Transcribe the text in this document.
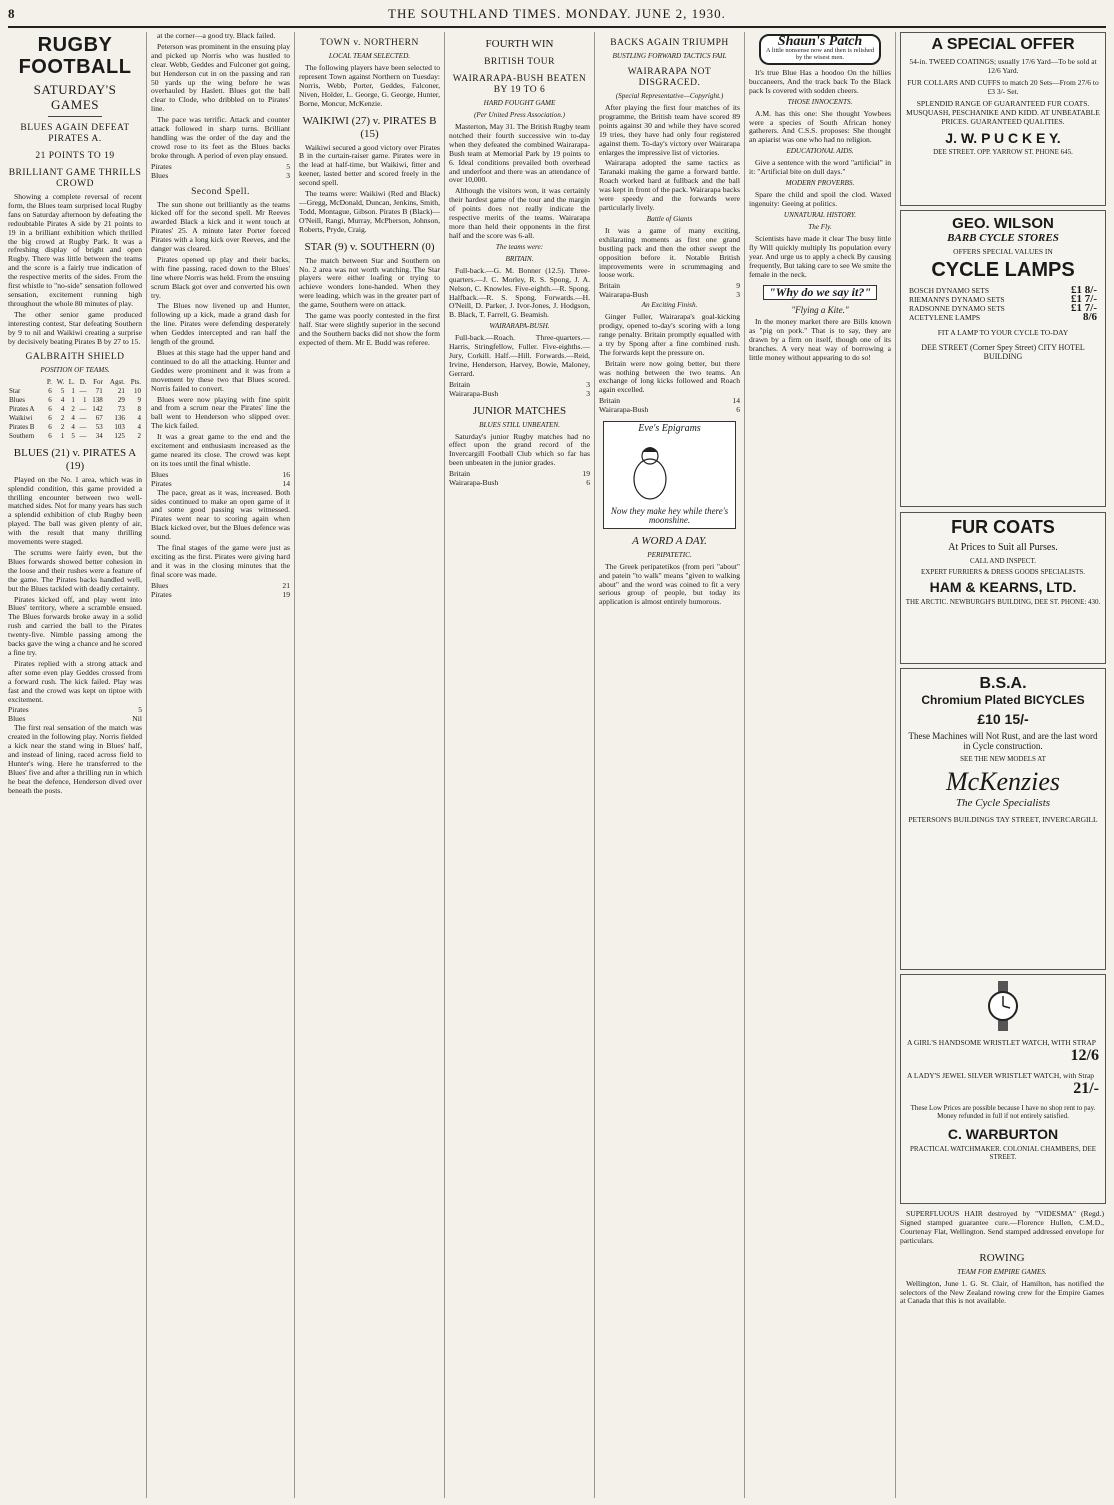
8	THE SOUTHLAND TIMES. MONDAY. JUNE 2, 1930.
RUGBY FOOTBALL
SATURDAY'S GAMES
BLUES AGAIN DEFEAT PIRATES A.
21 POINTS TO 19
BRILLIANT GAME THRILLS CROWD

Showing a complete reversal of recent form, the Blues team surprised local Rugby fans on Saturday afternoon by defeating the redoubtable Pirates A side by 21 points to 19 in a brilliant exhibition which thrilled the big crowd at Rugby Park. It was a refreshing display of bright and open Rugby. There was little between the teams and the score is a fairly true indication of the respective merits of the sides. From the first whistle to "no-side" sensation followed sensation, excitement running high throughout the whole 80 minutes of play.

The other senior game produced interesting contest, Star defeating Southern by 9 to nil and Waikiwi creating a surprise by decisively beating Pirates B by 27 to 15.

GALBRAITH SHIELD
POSITION OF TEAMS.
	P.	W.	L.	D.	For	Agst.	Pts.
Star	6	5	1	—	71	21	10
Blues	6	4	1	1	138	29	9
Pirates A	6	4	2	—	142	73	8
Waikiwi	6	2	4	—	67	136	4
Pirates B	6	2	4	—	53	103	4
Southern	6	1	5	—	34	125	2
BLUES (21) v. PIRATES A (19)

Played on the No. 1 area, which was in splendid condition, this game provided a thrilling encounter between two well-matched sides. Not for many years has such a splendid exhibition of club Rugby been played. The ball was given plenty of air, with the result that many thrilling movements were staged.

The scrums were fairly even, but the Blues forwards showed better cohesion in the loose and their rushes were a feature of the game. The Pirates backs handled well, but the Blues tackled with deadly certainty.

Pirates kicked off, and play went into Blues' territory, where a scramble ensued. The Blues forwards broke away in a solid rush and carried the ball to the Pirates twenty-five. Nimble passing among the backs gave the wing a chance and he scored a fine try.

Pirates replied with a strong attack and after some even play Geddes crossed from a forward rush. The kick failed. Play was fast and the crowd was kept on tiptoe with excitement.

Pirates	5
Blues	Nil

The first real sensation of the match was created in the following play. Norris fielded a kick near the stand wing in Blues' half, and instead of lining, raced across field to Hunter's wing. Here he transferred to the Blues' five and after a thrilling run in which he beat the defence, Henderson dived over beneath the posts.

at the corner—a good try. Black failed.

Peterson was prominent in the ensuing play and picked up Norris who was hustled to clear. Webb, Geddes and Fulconer got going, but Henderson cut in on the passing and ran 50 yards up the wing before he was overhauled by Haslett. Blues got the ball clear to Clode, who dribbled on to Pirates' line.

The pace was terrific. Attack and counter attack followed in sharp turns. Brilliant handling was the order of the day and the crowd rose to its feet as the Blues backs broke through. A period of even play ensued.

Pirates	5
Blues	3
Second Spell.

The sun shone out brilliantly as the teams kicked off for the second spell. Mr Reeves awarded Black a kick and it went touch at Pirates' 25. A minute later Porter forced Pirates with a long kick over Reeves, and the danger was cleared.

Pirates opened up play and their backs, with fine passing, raced down to the Blues' line where Norris was held. From the ensuing scrum Black got over and converted his own try.

The Blues now livened up and Hunter, following up a kick, made a grand dash for the line. Pirates were defending desperately when Geddes intercepted and ran half the length of the ground.

Blues at this stage had the upper hand and continued to do all the attacking. Hunter and Geddes were prominent and it was from a movement by these two that Blues scored. Norris failed to convert.

Blues were now playing with fine spirit and from a scrum near the Pirates' line the ball went to Henderson who slipped over. The kick failed.

It was a great game to the end and the excitement and enthusiasm increased as the game neared its close. The crowd was kept on its toes until the final whistle.

Blues	16
Pirates	14

The pace, great as it was, increased. Both sides continued to make an open game of it and some good passing was witnessed. Pirates went near to scoring again when Black kicked over, but the Blues defence was sound.

The final stages of the game were just as exciting as the first. Pirates were giving hard and it was in the closing minutes that the final score was made.

Blues	21
Pirates	19
TOWN v. NORTHERN
LOCAL TEAM SELECTED.

The following players have been selected to represent Town against Northern on Tuesday: Norris, Webb, Porter, Geddes, Falconer, Niven, Holder, L. George, G. George, Hunter, Borne, Moncur, McKenzie.

WAIKIWI (27) v. PIRATES B (15)

Waikiwi secured a good victory over Pirates B in the curtain-raiser game. Pirates were in the lead at half-time, but Waikiwi, fitter and keener, lasted better and scored freely in the second spell.

The teams were: Waikiwi (Red and Black)—Gregg, McDonald, Duncan, Jenkins, Smith, Todd, Montague, Gibson. Pirates B (Black)—O'Neill, Rangi, Murray, McPherson, Johnson, Roberts, Pryde, Craig.

STAR (9) v. SOUTHERN (0)

The match between Star and Southern on No. 2 area was not worth watching. The Star players were either loafing or trying to achieve wonders lone-handed. When they were leading, which was in the greater part of the game, Southern were on attack.

The game was poorly contested in the first half. Star were slightly superior in the second and the Southern backs did not show the form expected of them. Mr E. Budd was referee.

FOURTH WIN
BRITISH TOUR
WAIRARAPA-BUSH BEATEN BY 19 TO 6
HARD FOUGHT GAME
(Per United Press Association.)

Masterton, May 31. The British Rugby team notched their fourth successive win to-day when they defeated the combined Wairarapa-Bush team at Memorial Park by 19 points to 6. Ideal conditions prevailed both overhead and underfoot and there was an attendance of over 10,000.

Although the visitors won, it was certainly their hardest game of the tour and the margin of points does not really indicate the respective merits of the teams. Wairarapa more than held their opponents in the first half and the score was 6-all.

The teams were:
BRITAIN.

Full-back.—G. M. Bonner (12.5). Three-quarters.—J. C. Morley, R. S. Spong, J. A. Nelson, C. Knowles. Five-eighth.—R. Spong. Halfback.—R. S. Spong. Forwards.—H. O'Neill, D. Parker, J. Ivor-Jones, J. Hodgson, B. Black, T. Farrell, G. Beamish.

WAIRARAPA-BUSH.

Full-back.—Roach. Three-quarters.—Harris, Stringfellow, Fuller. Five-eighths.—Jury, Corkill. Half.—Hill. Forwards.—Reid, Irvine, Henderson, Harvey, Bowie, Maloney, Gerrard.

Britain	3
Wairarapa-Bush	3
JUNIOR MATCHES
BLUES STILL UNBEATEN.

Saturday's junior Rugby matches had no effect upon the grand record of the Invercargill Football Club which so far has been unbeaten in the junior grades.

Britain	19
Wairarapa-Bush	6
BACKS AGAIN TRIUMPH
BUSTLING FORWARD TACTICS FAIL
WAIRARAPA NOT DISGRACED.
(Special Representative—Copyright.)

After playing the first four matches of its programme, the British team have scored 89 points against 30 and while they have scored 19 tries, they have had only four registered against them. To-day's victory over Wairarapa enlarges the impressive list of victories.

Wairarapa adopted the same tactics as Taranaki making the game a forward battle. Roach worked hard at fullback and the ball was kept in front of the pack. Wairarapa backs were speedy and the forwards were particularly lively.

Battle of Giants

It was a game of many exciting, exhilarating moments as first one grand bustling pack and then the other swept the opposition before it. Notable British improvements were in scrummaging and loose work.

Britain	9
Wairarapa-Bush	3
An Exciting Finish.

Ginger Fuller, Wairarapa's goal-kicking prodigy, opened to-day's scoring with a long range penalty. Britain promptly equalled with a try by Spong after a fine combined rush. The forwards kept the pressure on.

Britain were now going better, but there was nothing between the two teams. An exchange of long kicks followed and Roach again excelled.

Britain	14
Wairarapa-Bush	6
Eve's Epigrams
Now they make hey while there's moonshine.
A WORD A DAY.
PERIPATETIC.

The Greek peripatetikos (from peri "about" and patein "to walk" means "given to walking about" and the word was coined to fit a very serious group of people, but today its application is almost entirely humorous.

Shaun's Patch
A little nonsense now and then is relished by the wisest men.

It's true Blue Has a hoodoo On the hillies buccaneers, And the track back To the Black pack Is covered with sodden cheers.

THOSE INNOCENTS.

A.M. has this one: She thought Yowbees were a species of South African honey gatherers. And C.S.S. proposes: She thought an apiarist was one who had no religion.

EDUCATIONAL AIDS.

Give a sentence with the word "artificial" in it: "Artificial bite on dull days."

MODERN PROVERBS.

Spare the child and spoil the clod. Waxed ingenuity: Geeing at politics.

UNNATURAL HISTORY.
The Fly.

Scientists have made it clear The busy little fly Will quickly multiply Its population every year. And urge us to apply a check By causing frequently, But taking care to see We smite the female in the neck.

"Why do we say it?"
"Flying a Kite."

In the money market there are Bills known as "pig on pork." That is to say, they are drawn by a firm on itself, though one of its branches. A very neat way of borrowing a little money without appearing to do so!

A SPECIAL OFFER
54-in. TWEED COATINGS; usually 17/6 Yard—To be sold at 12/6 Yard.
FUR COLLARS AND CUFFS to match 20 Sets—From 27/6 to £3 3/- Set.
SPLENDID RANGE OF GUARANTEED FUR COATS. MUSQUASH, PESCHANIKE AND KIDD. AT UNBEATABLE PRICES. GUARANTEED QUALITIES.
J. W. P U C K E Y.
DEE STREET. OPP. YARROW ST. PHONE 645.
GEO. WILSON
BARB CYCLE STORES
OFFERS SPECIAL VALUES IN
CYCLE LAMPS
BOSCH DYNAMO SETS	£1 8/-
RIEMANN'S DYNAMO SETS	£1 7/-
RADSONNE DYNAMO SETS	£1 7/-
ACETYLENE LAMPS	8/6
FIT A LAMP TO YOUR CYCLE TO-DAY
DEE STREET (Corner Spey Street) CITY HOTEL BUILDING
FUR COATS
At Prices to Suit all Purses.
CALL AND INSPECT.
EXPERT FURRIERS & DRESS GOODS SPECIALISTS.
HAM & KEARNS, LTD.
THE ARCTIC. NEWBURGH'S BUILDING, DEE ST. PHONE: 430.
B.S.A.
Chromium Plated BICYCLES
£10 15/-
These Machines will Not Rust, and are the last word in Cycle construction.
SEE THE NEW MODELS AT
McKenzies
The Cycle Specialists
PETERSON'S BUILDINGS TAY STREET, INVERCARGILL
A GIRL'S HANDSOME WRISTLET WATCH, WITH STRAP
12/6
A LADY'S JEWEL SILVER WRISTLET WATCH, with Strap
21/-
These Low Prices are possible because I have no shop rent to pay. Money refunded in full if not entirely satisfied.
C. WARBURTON
PRACTICAL WATCHMAKER. COLONIAL CHAMBERS, DEE STREET.

SUPERFLUOUS HAIR destroyed by "VIDESMA" (Regd.) Signed stamped guarantee cure.—Florence Hullen, C.M.D., Courtenay Flat, Wellington. Send stamped addressed envelope for particulars.

ROWING
TEAM FOR EMPIRE GAMES.

Wellington, June 1. G. St. Clair, of Hamilton, has notified the selectors of the New Zealand rowing crew for the Empire Games at Canada that this is not available.
